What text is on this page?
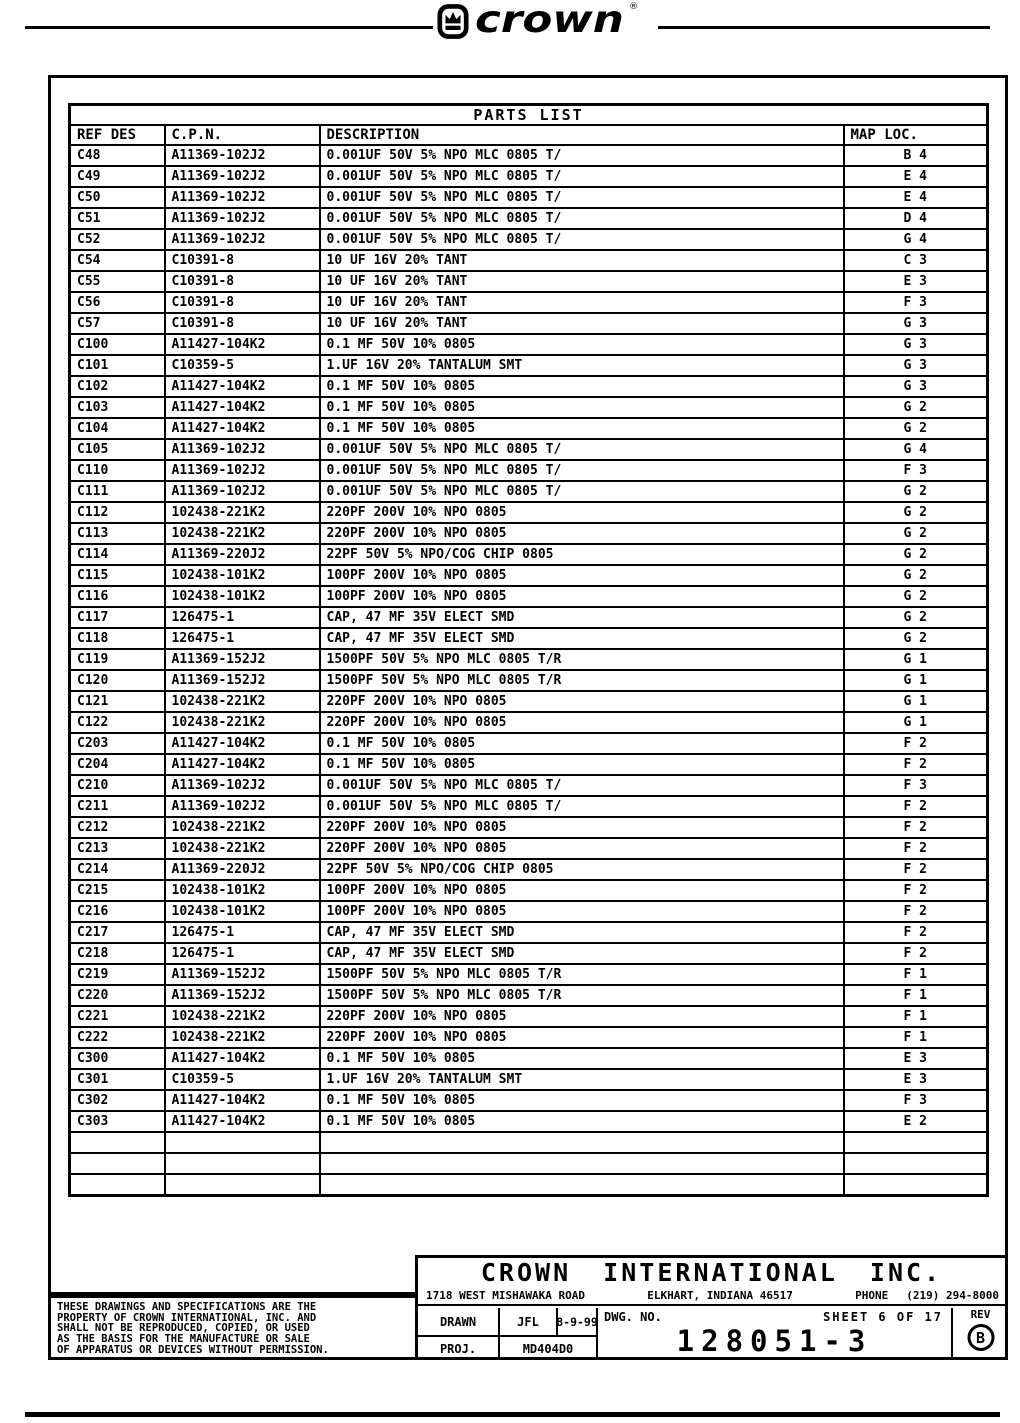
crown ®
PARTS LIST			
REF DES	C.P.N.	DESCRIPTION	MAP LOC.
C48	A11369-102J2	0.001UF 50V 5% NPO MLC 0805 T/	B 4
C49	A11369-102J2	0.001UF 50V 5% NPO MLC 0805 T/	E 4
C50	A11369-102J2	0.001UF 50V 5% NPO MLC 0805 T/	E 4
C51	A11369-102J2	0.001UF 50V 5% NPO MLC 0805 T/	D 4
C52	A11369-102J2	0.001UF 50V 5% NPO MLC 0805 T/	G 4
C54	C10391-8	10 UF 16V 20% TANT	C 3
C55	C10391-8	10 UF 16V 20% TANT	E 3
C56	C10391-8	10 UF 16V 20% TANT	F 3
C57	C10391-8	10 UF 16V 20% TANT	G 3
C100	A11427-104K2	0.1 MF 50V 10% 0805	G 3
C101	C10359-5	1.UF 16V 20% TANTALUM SMT	G 3
C102	A11427-104K2	0.1 MF 50V 10% 0805	G 3
C103	A11427-104K2	0.1 MF 50V 10% 0805	G 2
C104	A11427-104K2	0.1 MF 50V 10% 0805	G 2
C105	A11369-102J2	0.001UF 50V 5% NPO MLC 0805 T/	G 4
C110	A11369-102J2	0.001UF 50V 5% NPO MLC 0805 T/	F 3
C111	A11369-102J2	0.001UF 50V 5% NPO MLC 0805 T/	G 2
C112	102438-221K2	220PF 200V 10% NPO 0805	G 2
C113	102438-221K2	220PF 200V 10% NPO 0805	G 2
C114	A11369-220J2	22PF 50V 5% NPO/COG CHIP 0805	G 2
C115	102438-101K2	100PF 200V 10% NPO 0805	G 2
C116	102438-101K2	100PF 200V 10% NPO 0805	G 2
C117	126475-1	CAP, 47 MF 35V ELECT SMD	G 2
C118	126475-1	CAP, 47 MF 35V ELECT SMD	G 2
C119	A11369-152J2	1500PF 50V 5% NPO MLC 0805 T/R	G 1
C120	A11369-152J2	1500PF 50V 5% NPO MLC 0805 T/R	G 1
C121	102438-221K2	220PF 200V 10% NPO 0805	G 1
C122	102438-221K2	220PF 200V 10% NPO 0805	G 1
C203	A11427-104K2	0.1 MF 50V 10% 0805	F 2
C204	A11427-104K2	0.1 MF 50V 10% 0805	F 2
C210	A11369-102J2	0.001UF 50V 5% NPO MLC 0805 T/	F 3
C211	A11369-102J2	0.001UF 50V 5% NPO MLC 0805 T/	F 2
C212	102438-221K2	220PF 200V 10% NPO 0805	F 2
C213	102438-221K2	220PF 200V 10% NPO 0805	F 2
C214	A11369-220J2	22PF 50V 5% NPO/COG CHIP 0805	F 2
C215	102438-101K2	100PF 200V 10% NPO 0805	F 2
C216	102438-101K2	100PF 200V 10% NPO 0805	F 2
C217	126475-1	CAP, 47 MF 35V ELECT SMD	F 2
C218	126475-1	CAP, 47 MF 35V ELECT SMD	F 2
C219	A11369-152J2	1500PF 50V 5% NPO MLC 0805 T/R	F 1
C220	A11369-152J2	1500PF 50V 5% NPO MLC 0805 T/R	F 1
C221	102438-221K2	220PF 200V 10% NPO 0805	F 1
C222	102438-221K2	220PF 200V 10% NPO 0805	F 1
C300	A11427-104K2	0.1 MF 50V 10% 0805	E 3
C301	C10359-5	1.UF 16V 20% TANTALUM SMT	E 3
C302	A11427-104K2	0.1 MF 50V 10% 0805	F 3
C303	A11427-104K2	0.1 MF 50V 10% 0805	E 2

THESE DRAWINGS AND SPECIFICATIONS ARE THE
PROPERTY OF CROWN INTERNATIONAL, INC. AND
SHALL NOT BE REPRODUCED, COPIED, OR USED
AS THE BASIS FOR THE MANUFACTURE OR SALE
OF APPARATUS OR DEVICES WITHOUT PERMISSION.
CROWN INTERNATIONAL INC.
1718 WEST MISHAWAKA ROAD	ELKHART, INDIANA 46517	PHONE (219) 294-8000
DRAWN	JFL	8-9-99
PROJ.	MD404D0
DWG. NO.	SHEET 6 OF 17
128051-3
REV
B
